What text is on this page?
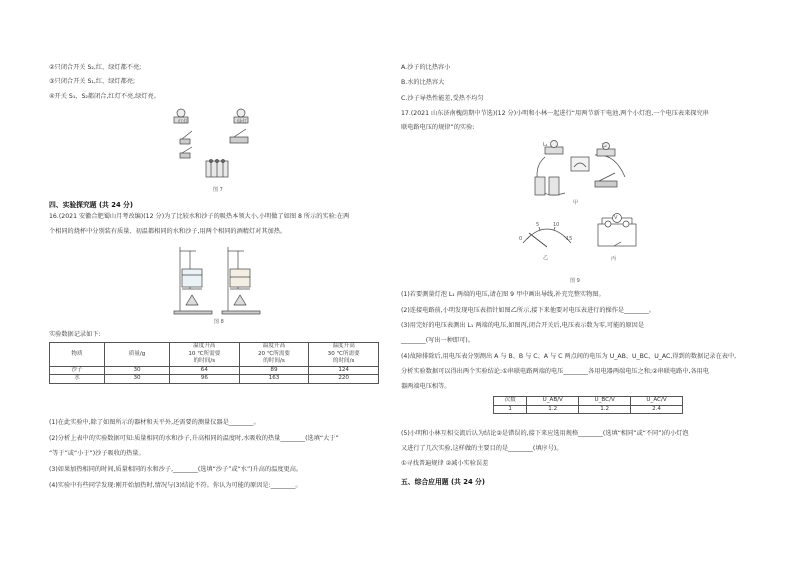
②只闭合开关 S₂,红、绿灯都不亮;
③只闭合开关 S₁,红、绿灯都亮;
④开关 S₁、S₂都闭合,红灯不亮,绿灯亮。
红灯	绿灯
图 7
四、实验探究题 (共 24 分)
16.(2021 安徽合肥蜀山月考改编)(12 分)为了比较水和沙子的吸热本领大小,小明做了如图 8 所示的实验:在两
个相同的烧杯中分别装有质量、初温都相同的水和沙子,用两个相同的酒精灯对其加热。
图 8
实验数据记录如下:
物质	质量/g	温度升高
10 ℃所需要
的时间/s	温度升高
20 ℃所需要
的时间/s	温度升高
30 ℃所需要
的时间/s
沙子	30	64	89	124
水	30	96	163	220
(1)在此实验中,除了如图所示的器材和天平外,还需要的测量仪器是________。
(2)分析上表中的实验数据可知:质量相同的水和沙子,升高相同的温度时,水吸收的热量________(选填“大于”
“等于”或“小于”)沙子吸收的热量。
(3)如果加热相同的时间,质量相同的水和沙子,________(选填“沙子”或“水”)升高的温度更高。
(4)实验中有些同学发现:刚开始加热时,情况与(3)结论不符。你认为可能的原因是:________。
A.沙子的比热容小
B.水的比热容大
C.沙子导热性能差,受热不均匀
17.(2021 山东济南槐荫期中节选)(12 分)小明和小林一起进行“用两节新干电池,两个小灯泡,一个电压表来探究串
联电路电压的规律”的实验:
L₁	L₂
甲
0
5	10
15
乙
V
丙
图 9
(1)若要测量灯泡 L₁ 两端的电压,请在图 9 甲中画出导线,补充完整实物图。
(2)连接电路前,小明发现电压表指针如图乙所示,接下来他要对电压表进行的操作是________。
(3)用完好的电压表测出 L₁ 两端的电压,如图丙,闭合开关后,电压表示数为零,可能的原因是
________(写出一种即可)。
(4)故障排除后,用电压表分别测出 A 与 B、B 与 C、A 与 C 两点间的电压为 U_AB、U_BC、U_AC,得到的数据记录在表中,
分析实验数据可以得出两个实验结论:①串联电路两端的电压________各用电器两端电压之和;②串联电路中,各用电
器两端电压相等。
次数	U_AB/V	U_BC/V	U_AC/V
1	1.2	1.2	2.4
(5)小明和小林互相交流后认为结论②是错误的,接下来应选用规格________(选填“相同”或“不同”)的小灯泡
又进行了几次实验,这样做的主要目的是________(填序号)。
①寻找普遍规律 ②减小实验误差
五、综合应用题 (共 24 分)
